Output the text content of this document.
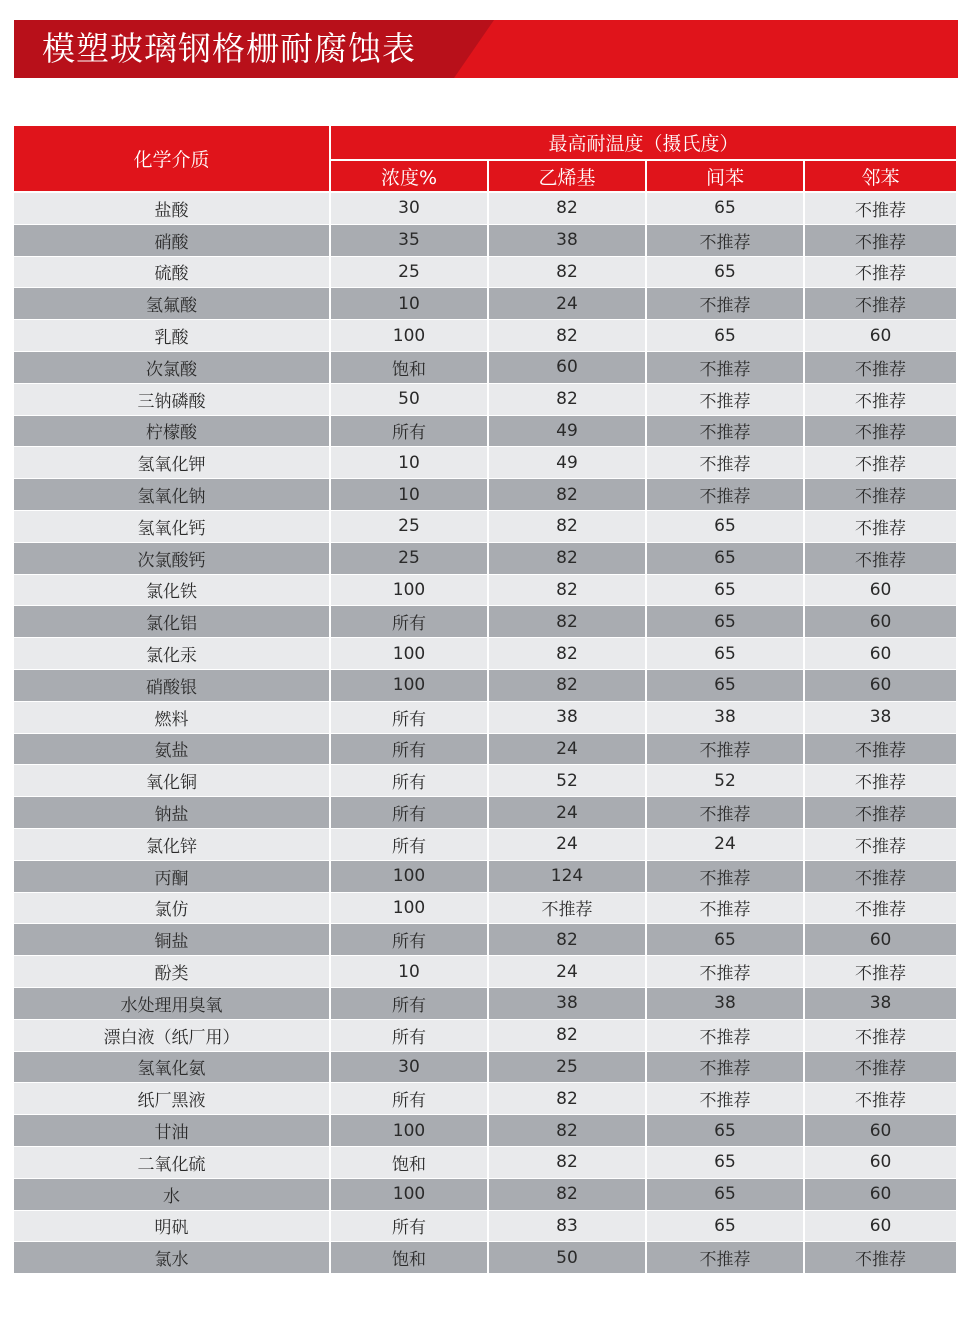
模塑玻璃钢格栅耐腐蚀表
化学介质	最高耐温度（摄氏度）			
	浓度%	乙烯基	间苯	邻苯
盐酸	30	82	65	不推荐
硝酸	35	38	不推荐	不推荐
硫酸	25	82	65	不推荐
氢氟酸	10	24	不推荐	不推荐
乳酸	100	82	65	60
次氯酸	饱和	60	不推荐	不推荐
三钠磷酸	50	82	不推荐	不推荐
柠檬酸	所有	49	不推荐	不推荐
氢氧化钾	10	49	不推荐	不推荐
氢氧化钠	10	82	不推荐	不推荐
氢氧化钙	25	82	65	不推荐
次氯酸钙	25	82	65	不推荐
氯化铁	100	82	65	60
氯化铝	所有	82	65	60
氯化汞	100	82	65	60
硝酸银	100	82	65	60
燃料	所有	38	38	38
氨盐	所有	24	不推荐	不推荐
氧化铜	所有	52	52	不推荐
钠盐	所有	24	不推荐	不推荐
氯化锌	所有	24	24	不推荐
丙酮	100	124	不推荐	不推荐
氯仿	100	不推荐	不推荐	不推荐
铜盐	所有	82	65	60
酚类	10	24	不推荐	不推荐
水处理用臭氧	所有	38	38	38
漂白液（纸厂用）	所有	82	不推荐	不推荐
氢氧化氨	30	25	不推荐	不推荐
纸厂黑液	所有	82	不推荐	不推荐
甘油	100	82	65	60
二氧化硫	饱和	82	65	60
水	100	82	65	60
明矾	所有	83	65	60
氯水	饱和	50	不推荐	不推荐
